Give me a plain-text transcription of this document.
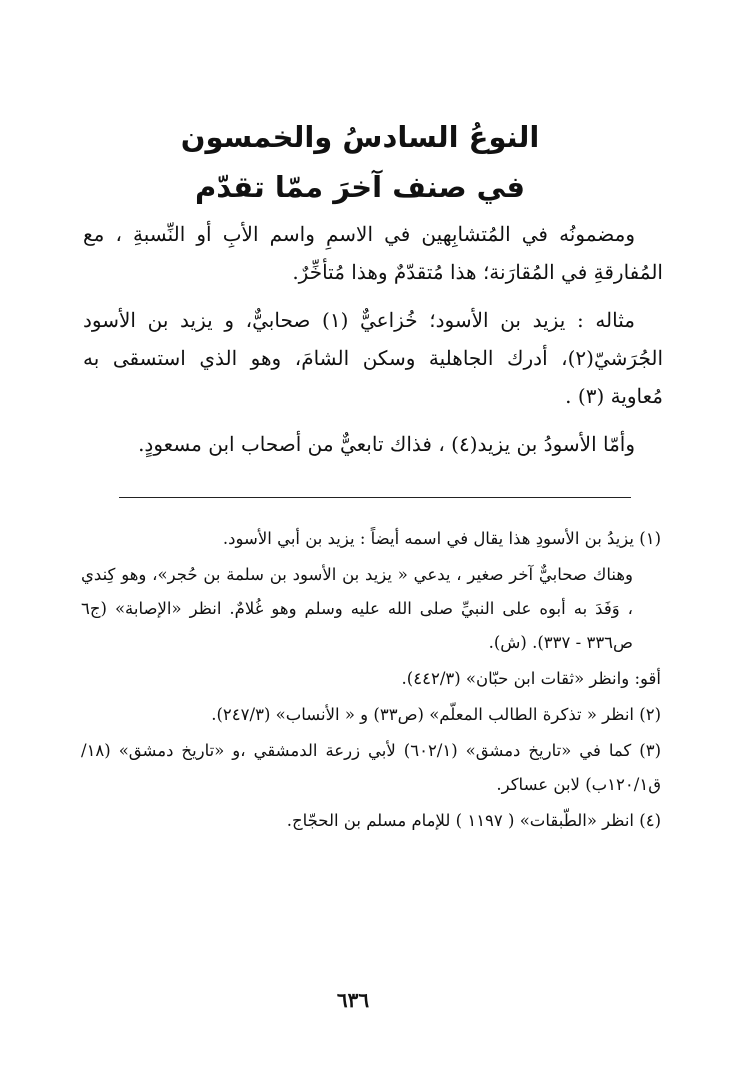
النوعُ السادسُ والخمسون

في صنف آخرَ ممّا تقدّم

ومضمونُه في المُتشابِهين في الاسمِ واسم الأبِ أو النِّسبةِ ، مع المُفارقةِ في المُقارَنة؛ هذا مُتقدّمٌ وهذا مُتأخِّرٌ.

مثاله : يزيد بن الأسود؛ خُزاعيٌّ (١) صحابيٌّ، و يزيد بن الأسود الجُرَشيّ(٢)، أدرك الجاهلية وسكن الشامَ، وهو الذي استسقى به مُعاوية (٣) .

وأمّا الأسودُ بن يزيد(٤) ، فذاك تابعيٌّ من أصحاب ابن مسعودٍ.

(١) يزيدُ بن الأسودِ هذا يقال في اسمه أيضاً : يزيد بن أبي الأسود.

وهناك صحابيٌّ آخر صغير ، يدعي « يزيد بن الأسود بن سلمة بن حُجر»، وهو كِندي ، وَفَدَ به أبوه على النبيِّ صلى الله عليه وسلم وهو غُلامٌ. انظر «الإصابة» (ج٦ ص٣٣٦ - ٣٣٧). (ش).

أقو: وانظر «ثقات ابن حبّان» (٤٤٢/٣).

(٢) انظر « تذكرة الطالب المعلّم» (ص٣٣) و « الأنساب» (٢٤٧/٣).

(٣) كما في «تاريخ دمشق» (٦٠٢/١) لأبي زرعة الدمشقي ،و «تاريخ دمشق» (١٨/ق١٢٠/١ب) لابن عساكر.

(٤) انظر «الطّبقات» ( ١١٩٧ ) للإمام مسلم بن الحجّاج.

٦٣٦
